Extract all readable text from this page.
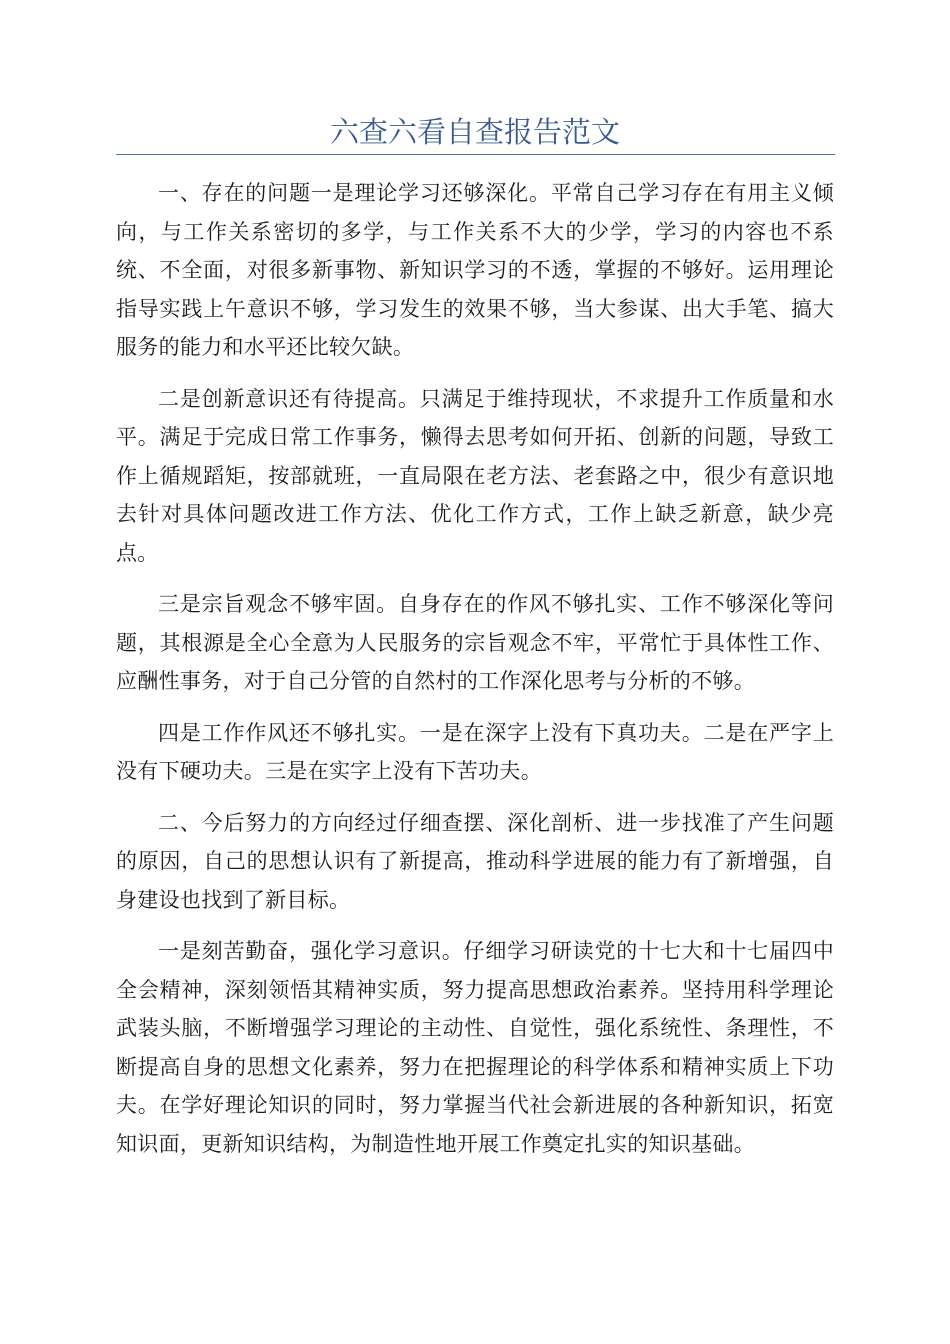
六查六看自查报告范文

一、存在的问题一是理论学习还够深化。平常自己学习存在有用主义倾向，与工作关系密切的多学，与工作关系不大的少学，学习的内容也不系统、不全面，对很多新事物、新知识学习的不透，掌握的不够好。运用理论指导实践上午意识不够，学习发生的效果不够，当大参谋、出大手笔、搞大服务的能力和水平还比较欠缺。

二是创新意识还有待提高。只满足于维持现状，不求提升工作质量和水平。满足于完成日常工作事务，懒得去思考如何开拓、创新的问题，导致工作上循规蹈矩，按部就班，一直局限在老方法、老套路之中，很少有意识地去针对具体问题改进工作方法、优化工作方式，工作上缺乏新意，缺少亮点。

三是宗旨观念不够牢固。自身存在的作风不够扎实、工作不够深化等问题，其根源是全心全意为人民服务的宗旨观念不牢，平常忙于具体性工作、应酬性事务，对于自己分管的自然村的工作深化思考与分析的不够。

四是工作作风还不够扎实。一是在深字上没有下真功夫。二是在严字上没有下硬功夫。三是在实字上没有下苦功夫。

二、今后努力的方向经过仔细查摆、深化剖析、进一步找准了产生问题的原因，自己的思想认识有了新提高，推动科学进展的能力有了新增强，自身建设也找到了新目标。

一是刻苦勤奋，强化学习意识。仔细学习研读党的十七大和十七届四中全会精神，深刻领悟其精神实质，努力提高思想政治素养。坚持用科学理论武装头脑，不断增强学习理论的主动性、自觉性，强化系统性、条理性，不断提高自身的思想文化素养，努力在把握理论的科学体系和精神实质上下功夫。在学好理论知识的同时，努力掌握当代社会新进展的各种新知识，拓宽知识面，更新知识结构，为制造性地开展工作奠定扎实的知识基础。
